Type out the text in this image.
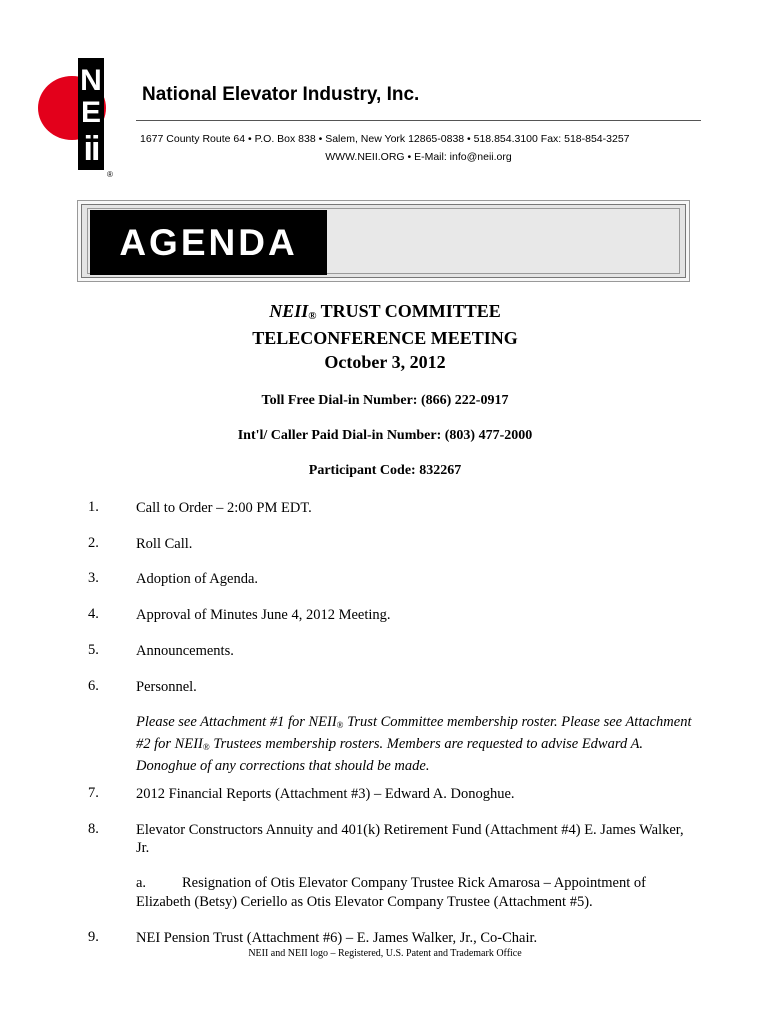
N
E
ii
®
National Elevator Industry, Inc.
1677 County Route 64 • P.O. Box 838 • Salem, New York 12865-0838 • 518.854.3100 Fax: 518-854-3257
WWW.NEII.ORG • E-Mail: info@neii.org
AGENDA
$NEII_®$ TRUST COMMITTEE
TELECONFERENCE MEETING
October 3, 2012
Toll Free Dial-in Number: (866) 222-0917
Int'l/ Caller Paid Dial-in Number: (803) 477-2000
Participant Code: 832267
1.	Call to Order – 2:00 PM EDT.
2.	Roll Call.
3.	Adoption of Agenda.
4.	Approval of Minutes June 4, 2012 Meeting.
5.	Announcements.
6.	Personnel.
Please see Attachment #1 for $NEII_®$ Trust Committee membership roster. Please see Attachment #2 for $NEII_®$ Trustees membership rosters. Members are requested to advise Edward A. Donoghue of any corrections that should be made.
7.	2012 Financial Reports (Attachment #3) – Edward A. Donoghue.
8.	Elevator Constructors Annuity and 401(k) Retirement Fund (Attachment #4) E. James Walker, Jr.
a. Resignation of Otis Elevator Company Trustee Rick Amarosa – Appointment of Elizabeth (Betsy) Ceriello as Otis Elevator Company Trustee (Attachment #5).
9.	NEI Pension Trust (Attachment #6) – E. James Walker, Jr., Co-Chair.
NEII and NEII logo – Registered, U.S. Patent and Trademark Office
